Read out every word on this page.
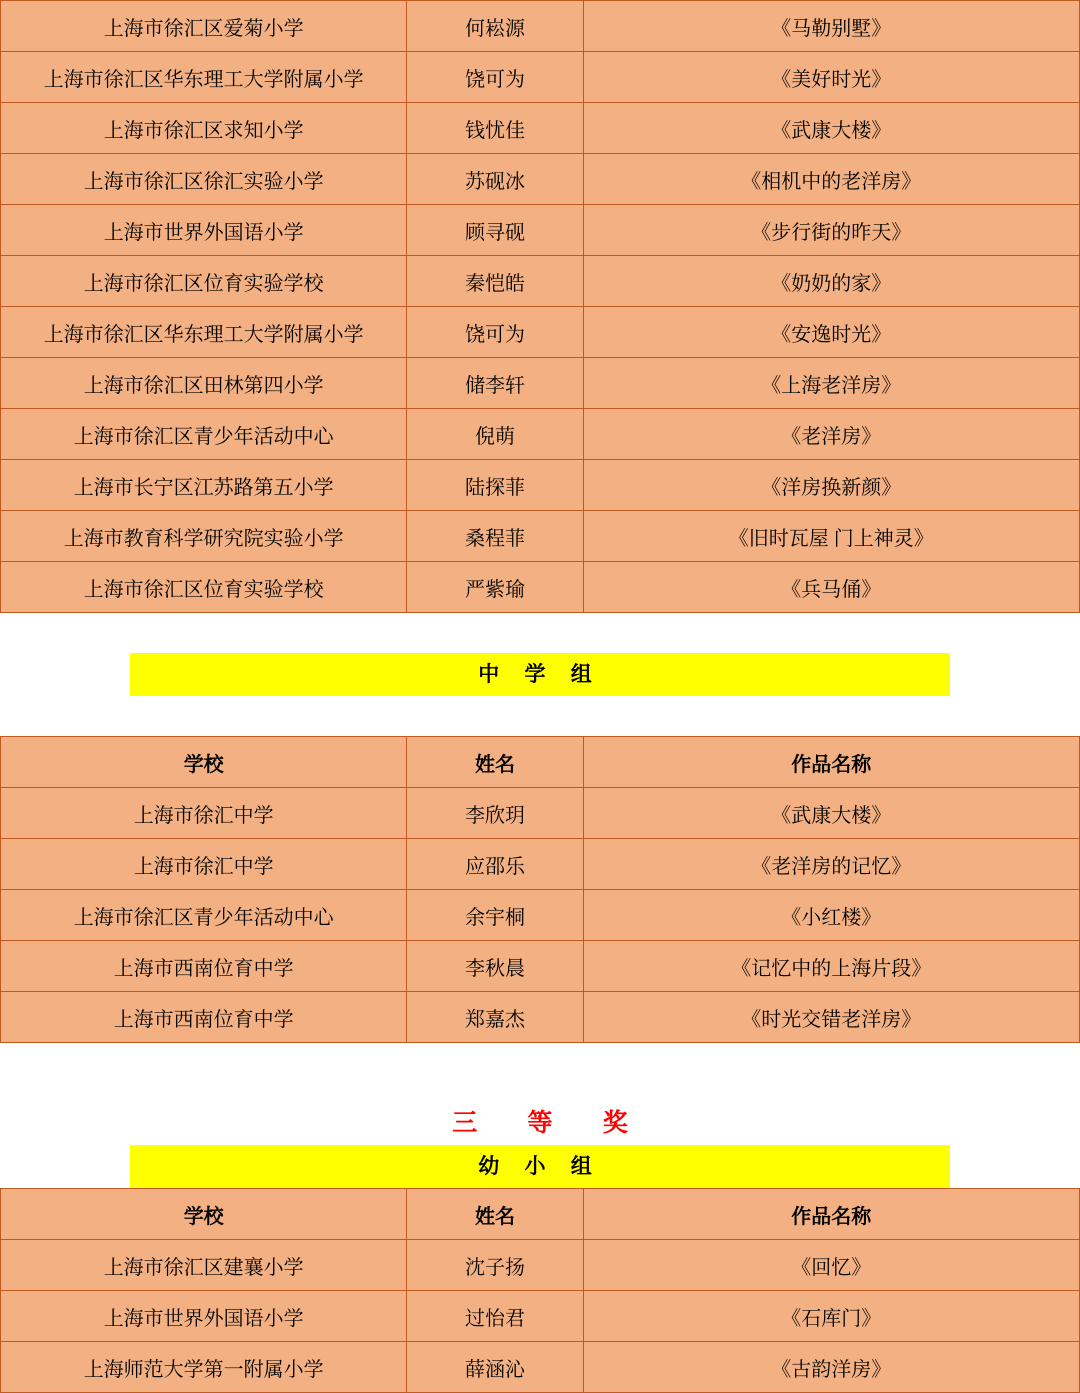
上海市徐汇区爱菊小学	何崧源	《马勒别墅》
上海市徐汇区华东理工大学附属小学	饶可为	《美好时光》
上海市徐汇区求知小学	钱忧佳	《武康大楼》
上海市徐汇区徐汇实验小学	苏砚冰	《相机中的老洋房》
上海市世界外国语小学	顾寻砚	《步行街的昨天》
上海市徐汇区位育实验学校	秦恺皓	《奶奶的家》
上海市徐汇区华东理工大学附属小学	饶可为	《安逸时光》
上海市徐汇区田林第四小学	储李轩	《上海老洋房》
上海市徐汇区青少年活动中心	倪萌	《老洋房》
上海市长宁区江苏路第五小学	陆探菲	《洋房换新颜》
上海市教育科学研究院实验小学	桑程菲	《旧时瓦屋 门上神灵》
上海市徐汇区位育实验学校	严紫瑜	《兵马俑》
中 学 组
学校	姓名	作品名称
上海市徐汇中学	李欣玥	《武康大楼》
上海市徐汇中学	应邵乐	《老洋房的记忆》
上海市徐汇区青少年活动中心	余宇桐	《小红楼》
上海市西南位育中学	李秋晨	《记忆中的上海片段》
上海市西南位育中学	郑嘉杰	《时光交错老洋房》
三 等 奖
幼 小 组
学校	姓名	作品名称
上海市徐汇区建襄小学	沈子扬	《回忆》
上海市世界外国语小学	过怡君	《石库门》
上海师范大学第一附属小学	薛涵沁	《古韵洋房》
